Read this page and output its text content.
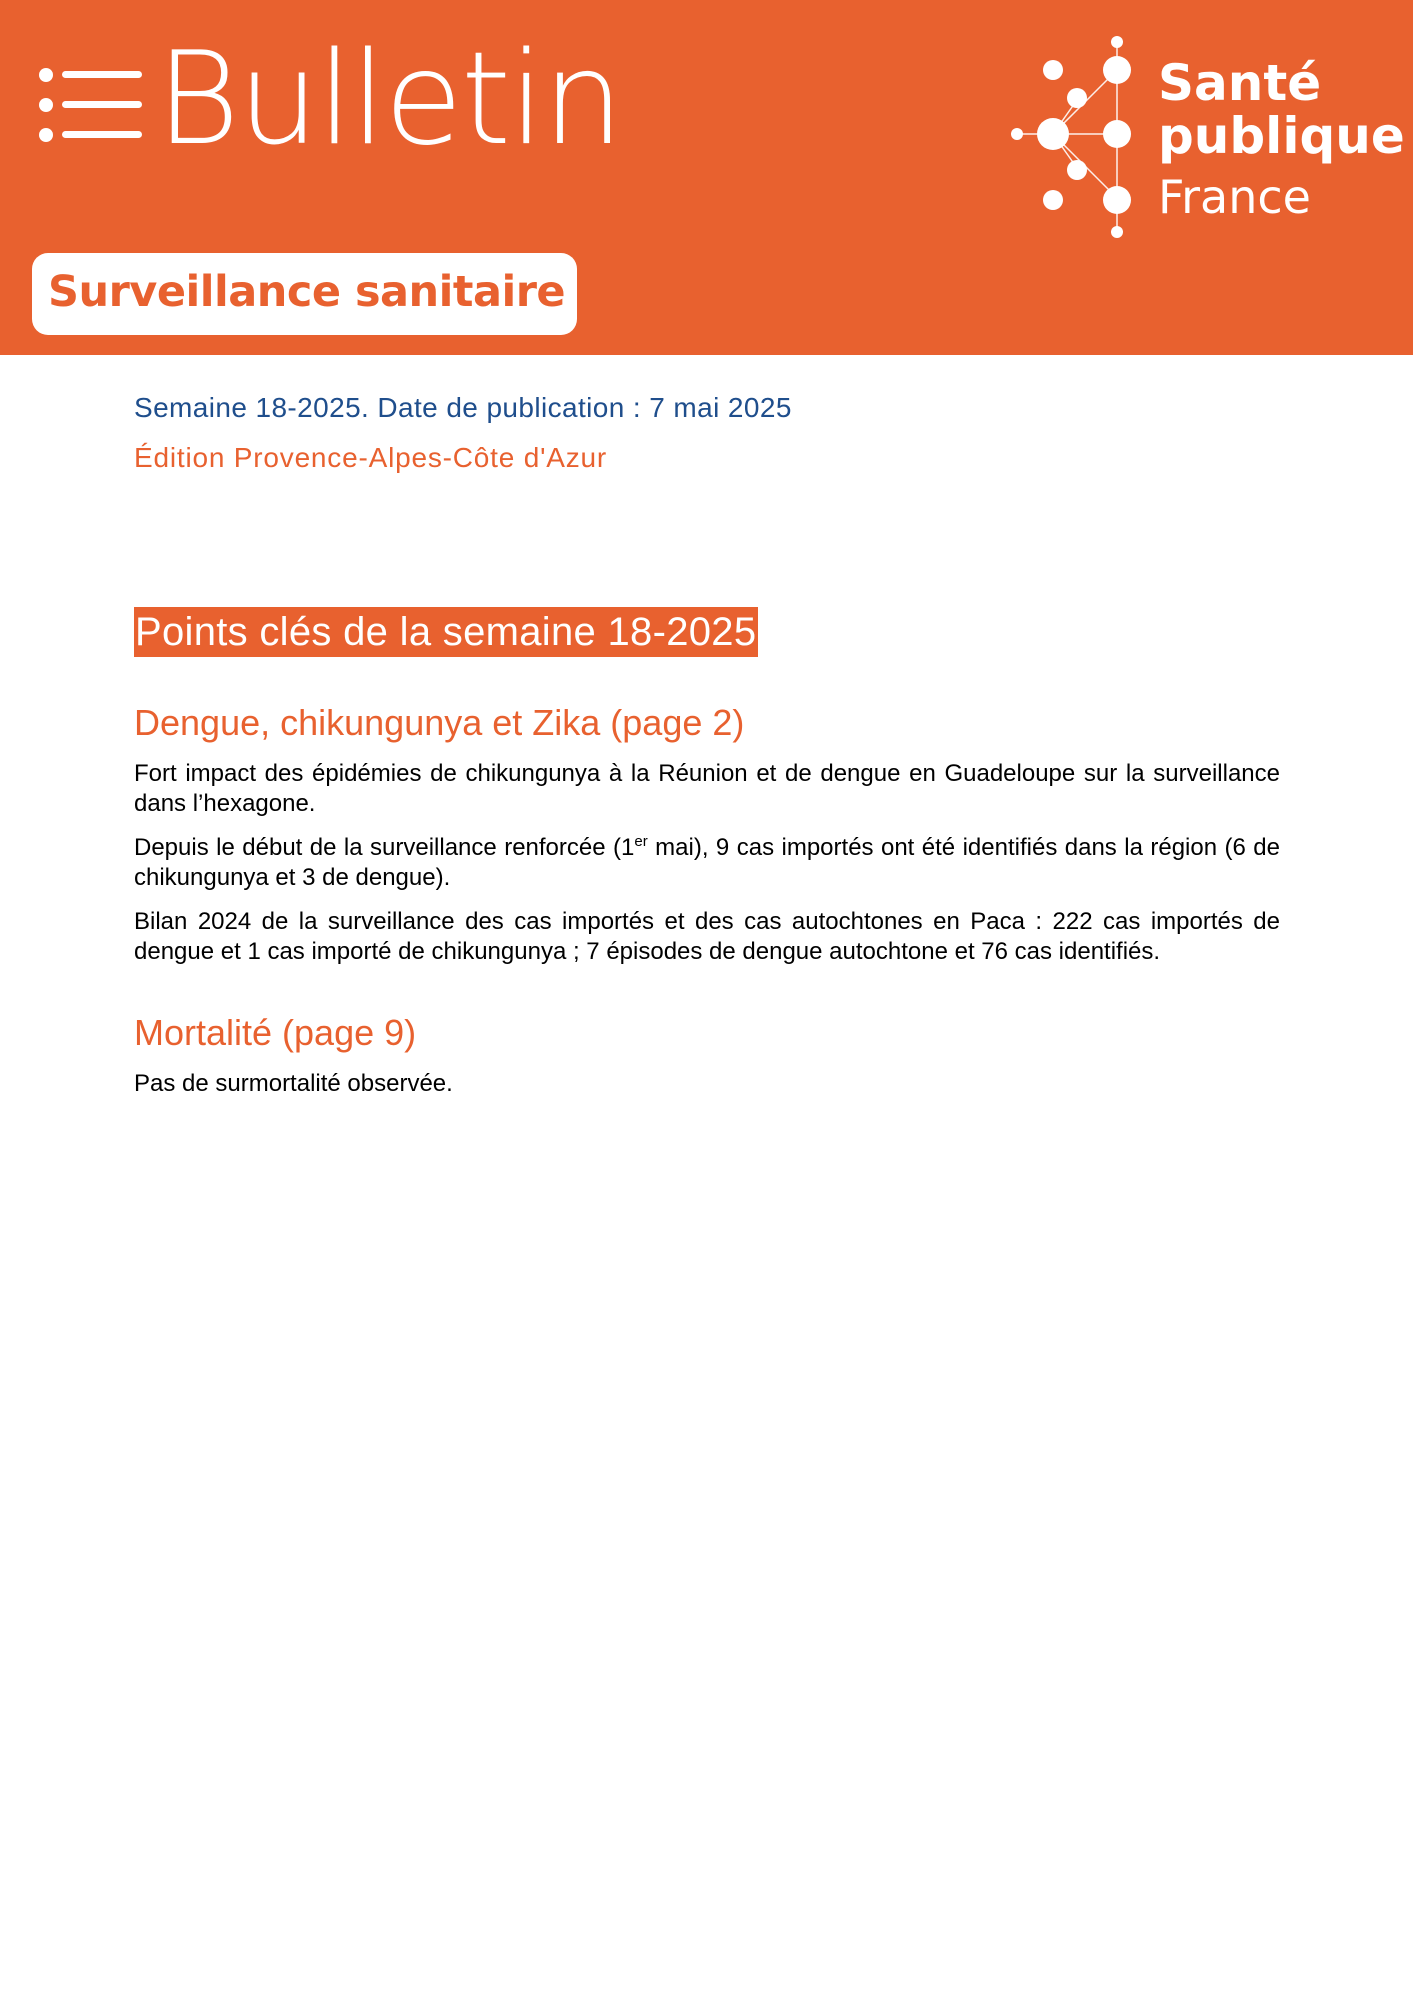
Bulletin	Santé
publique
France
Surveillance sanitaire
Semaine 18-2025. Date de publication : 7 mai 2025
Édition Provence-Alpes-Côte d'Azur
Points clés de la semaine 18-2025
Dengue, chikungunya et Zika (page 2)

Fort impact des épidémies de chikungunya à la Réunion et de dengue en Guadeloupe sur la surveillance dans l’hexagone.

Depuis le début de la surveillance renforcée (1er mai), 9 cas importés ont été identifiés dans la région (6 de chikungunya et 3 de dengue).

Bilan 2024 de la surveillance des cas importés et des cas autochtones en Paca : 222 cas importés de dengue et 1 cas importé de chikungunya ; 7 épisodes de dengue autochtone et 76 cas identifiés.

Mortalité (page 9)

Pas de surmortalité observée.
